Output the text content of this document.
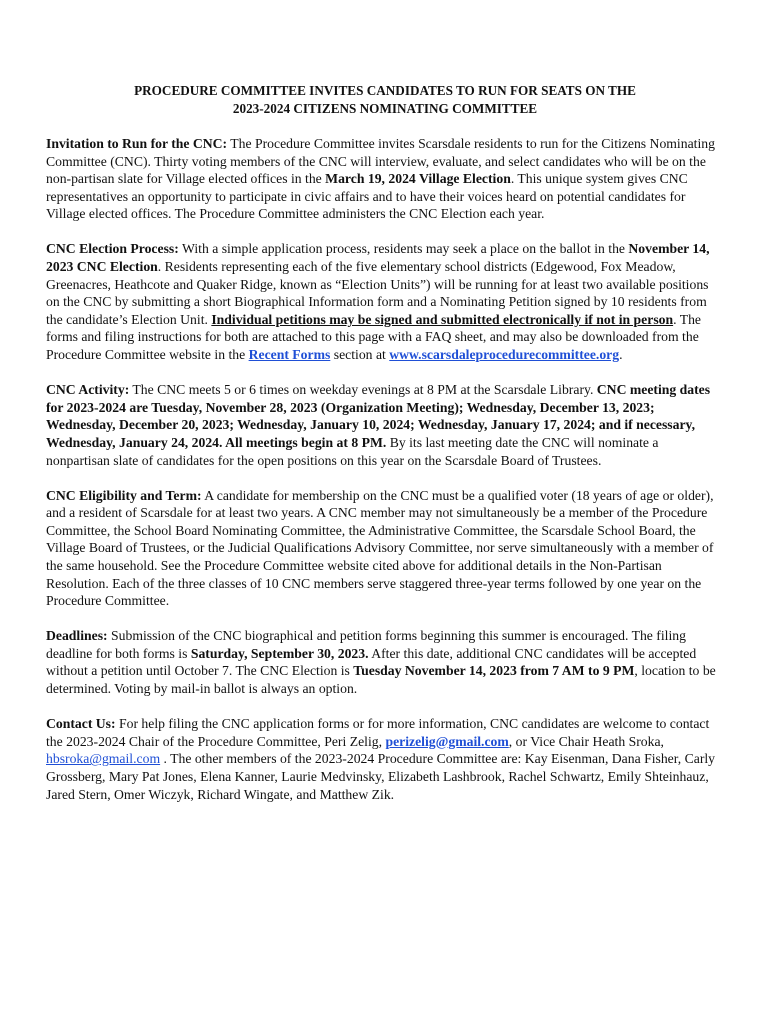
PROCEDURE COMMITTEE INVITES CANDIDATES TO RUN FOR SEATS ON THE
2023-2024 CITIZENS NOMINATING COMMITTEE

Invitation to Run for the CNC: The Procedure Committee invites Scarsdale residents to run for the Citizens Nominating Committee (CNC). Thirty voting members of the CNC will interview, evaluate, and select candidates who will be on the non-partisan slate for Village elected offices in the March 19, 2024 Village Election. This unique system gives CNC representatives an opportunity to participate in civic affairs and to have their voices heard on potential candidates for Village elected offices. The Procedure Committee administers the CNC Election each year.

CNC Election Process: With a simple application process, residents may seek a place on the ballot in the November 14, 2023 CNC Election. Residents representing each of the five elementary school districts (Edgewood, Fox Meadow, Greenacres, Heathcote and Quaker Ridge, known as “Election Units”) will be running for at least two available positions on the CNC by submitting a short Biographical Information form and a Nominating Petition signed by 10 residents from the candidate’s Election Unit. Individual petitions may be signed and submitted electronically if not in person. The forms and filing instructions for both are attached to this page with a FAQ sheet, and may also be downloaded from the Procedure Committee website in the Recent Forms section at www.scarsdaleprocedurecommittee.org.

CNC Activity: The CNC meets 5 or 6 times on weekday evenings at 8 PM at the Scarsdale Library. CNC meeting dates for 2023-2024 are Tuesday, November 28, 2023 (Organization Meeting); Wednesday, December 13, 2023; Wednesday, December 20, 2023; Wednesday, January 10, 2024; Wednesday, January 17, 2024; and if necessary, Wednesday, January 24, 2024. All meetings begin at 8 PM. By its last meeting date the CNC will nominate a nonpartisan slate of candidates for the open positions on this year on the Scarsdale Board of Trustees.

CNC Eligibility and Term: A candidate for membership on the CNC must be a qualified voter (18 years of age or older), and a resident of Scarsdale for at least two years. A CNC member may not simultaneously be a member of the Procedure Committee, the School Board Nominating Committee, the Administrative Committee, the Scarsdale School Board, the Village Board of Trustees, or the Judicial Qualifications Advisory Committee, nor serve simultaneously with a member of the same household. See the Procedure Committee website cited above for additional details in the Non-Partisan Resolution. Each of the three classes of 10 CNC members serve staggered three-year terms followed by one year on the Procedure Committee.

Deadlines: Submission of the CNC biographical and petition forms beginning this summer is encouraged. The filing deadline for both forms is Saturday, September 30, 2023. After this date, additional CNC candidates will be accepted without a petition until October 7. The CNC Election is Tuesday November 14, 2023 from 7 AM to 9 PM, location to be determined. Voting by mail-in ballot is always an option.

Contact Us: For help filing the CNC application forms or for more information, CNC candidates are welcome to contact the 2023-2024 Chair of the Procedure Committee, Peri Zelig, perizelig@gmail.com, or Vice Chair Heath Sroka, hbsroka@gmail.com . The other members of the 2023-2024 Procedure Committee are: Kay Eisenman, Dana Fisher, Carly Grossberg, Mary Pat Jones, Elena Kanner, Laurie Medvinsky, Elizabeth Lashbrook, Rachel Schwartz, Emily Shteinhauz, Jared Stern, Omer Wiczyk, Richard Wingate, and Matthew Zik.
